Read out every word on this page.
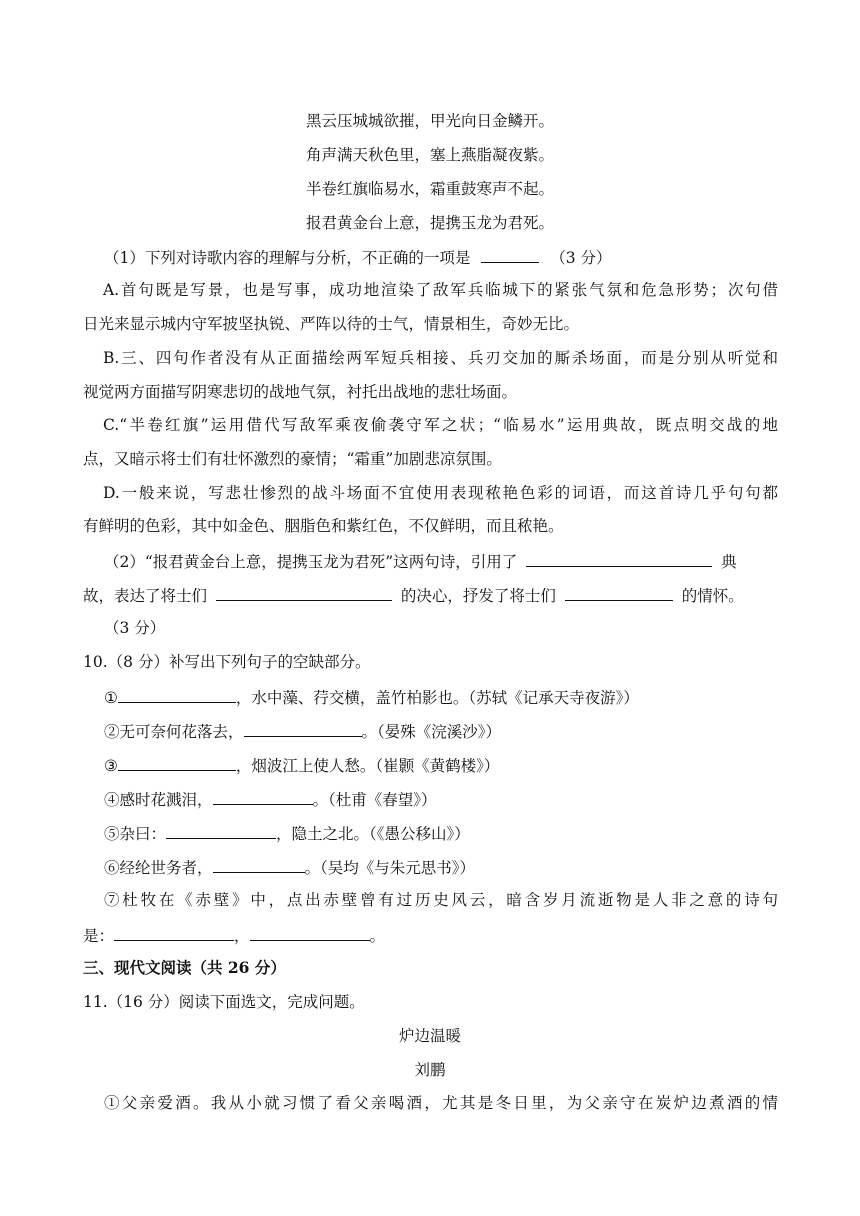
黑云压城城欲摧，甲光向日金鳞开。
角声满天秋色里，塞上燕脂凝夜紫。
半卷红旗临易水，霜重鼓寒声不起。
报君黄金台上意，提携玉龙为君死。
（1）下列对诗歌内容的理解与分析，不正确的一项是	（3 分）
A.首句既是写景，也是写事，成功地渲染了敌军兵临城下的紧张气氛和危急形势；次句借
日光来显示城内守军披坚执锐、严阵以待的士气，情景相生，奇妙无比。
B.三、四句作者没有从正面描绘两军短兵相接、兵刃交加的厮杀场面，而是分别从听觉和
视觉两方面描写阴寒悲切的战地气氛，衬托出战地的悲壮场面。
C.“半卷红旗”运用借代写敌军乘夜偷袭守军之状；“临易水”运用典故，既点明交战的地
点，又暗示将士们有壮怀激烈的豪情；“霜重”加剧悲凉氛围。
D.一般来说，写悲壮惨烈的战斗场面不宜使用表现秾艳色彩的词语，而这首诗几乎句句都
有鲜明的色彩，其中如金色、胭脂色和紫红色，不仅鲜明，而且秾艳。
（2）“报君黄金台上意，提携玉龙为君死”这两句诗，引用了	典
故，表达了将士们	的决心，抒发了将士们	的情怀。
（3 分）
10.（8 分）补写出下列句子的空缺部分。
①	，水中藻、荇交横，盖竹柏影也。（苏轼《记承天寺夜游》）
②无可奈何花落去，	。（晏殊《浣溪沙》）
③	，烟波江上使人愁。（崔颢《黄鹤楼》）
④感时花溅泪，	。（杜甫《春望》）
⑤杂曰：	，隐土之北。（《愚公移山》）
⑥经纶世务者，	。（吴均《与朱元思书》）
⑦杜牧在《赤壁》中，点出赤壁曾有过历史风云，暗含岁月流逝物是人非之意的诗句
是：	，	。
三、现代文阅读（共 26 分）
11.（16 分）阅读下面选文，完成问题。
炉边温暖
刘鹏
①父亲爱酒。我从小就习惯了看父亲喝酒，尤其是冬日里，为父亲守在炭炉边煮酒的情
